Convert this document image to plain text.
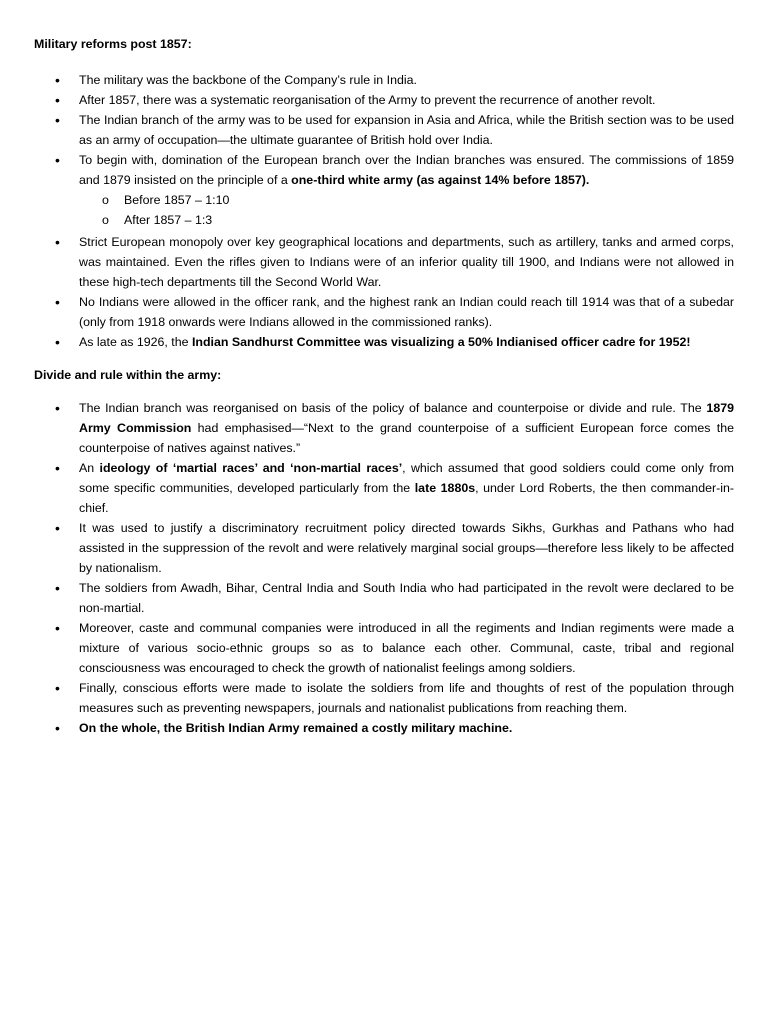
Military reforms post 1857:

• The military was the backbone of the Company’s rule in India.
• After 1857, there was a systematic reorganisation of the Army to prevent the recurrence of another revolt.
• The Indian branch of the army was to be used for expansion in Asia and Africa, while the British section was to be used as an army of occupation—the ultimate guarantee of British hold over India.
• To begin with, domination of the European branch over the Indian branches was ensured. The commissions of 1859 and 1879 insisted on the principle of a one-third white army (as against 14% before 1857).
o Before 1857 – 1:10
o After 1857 – 1:3
• Strict European monopoly over key geographical locations and departments, such as artillery, tanks and armed corps, was maintained. Even the rifles given to Indians were of an inferior quality till 1900, and Indians were not allowed in these high-tech departments till the Second World War.
• No Indians were allowed in the officer rank, and the highest rank an Indian could reach till 1914 was that of a subedar (only from 1918 onwards were Indians allowed in the commissioned ranks).
• As late as 1926, the Indian Sandhurst Committee was visualizing a 50% Indianised officer cadre for 1952!

Divide and rule within the army:

• The Indian branch was reorganised on basis of the policy of balance and counterpoise or divide and rule. The 1879 Army Commission had emphasised—“Next to the grand counterpoise of a sufficient European force comes the counterpoise of natives against natives.”
• An ideology of ‘martial races’ and ‘non-martial races’, which assumed that good soldiers could come only from some specific communities, developed particularly from the late 1880s, under Lord Roberts, the then commander-in-chief.
• It was used to justify a discriminatory recruitment policy directed towards Sikhs, Gurkhas and Pathans who had assisted in the suppression of the revolt and were relatively marginal social groups—therefore less likely to be affected by nationalism.
• The soldiers from Awadh, Bihar, Central India and South India who had participated in the revolt were declared to be non-martial.
• Moreover, caste and communal companies were introduced in all the regiments and Indian regiments were made a mixture of various socio-ethnic groups so as to balance each other. Communal, caste, tribal and regional consciousness was encouraged to check the growth of nationalist feelings among soldiers.
• Finally, conscious efforts were made to isolate the soldiers from life and thoughts of rest of the population through measures such as preventing newspapers, journals and nationalist publications from reaching them.
• On the whole, the British Indian Army remained a costly military machine.
